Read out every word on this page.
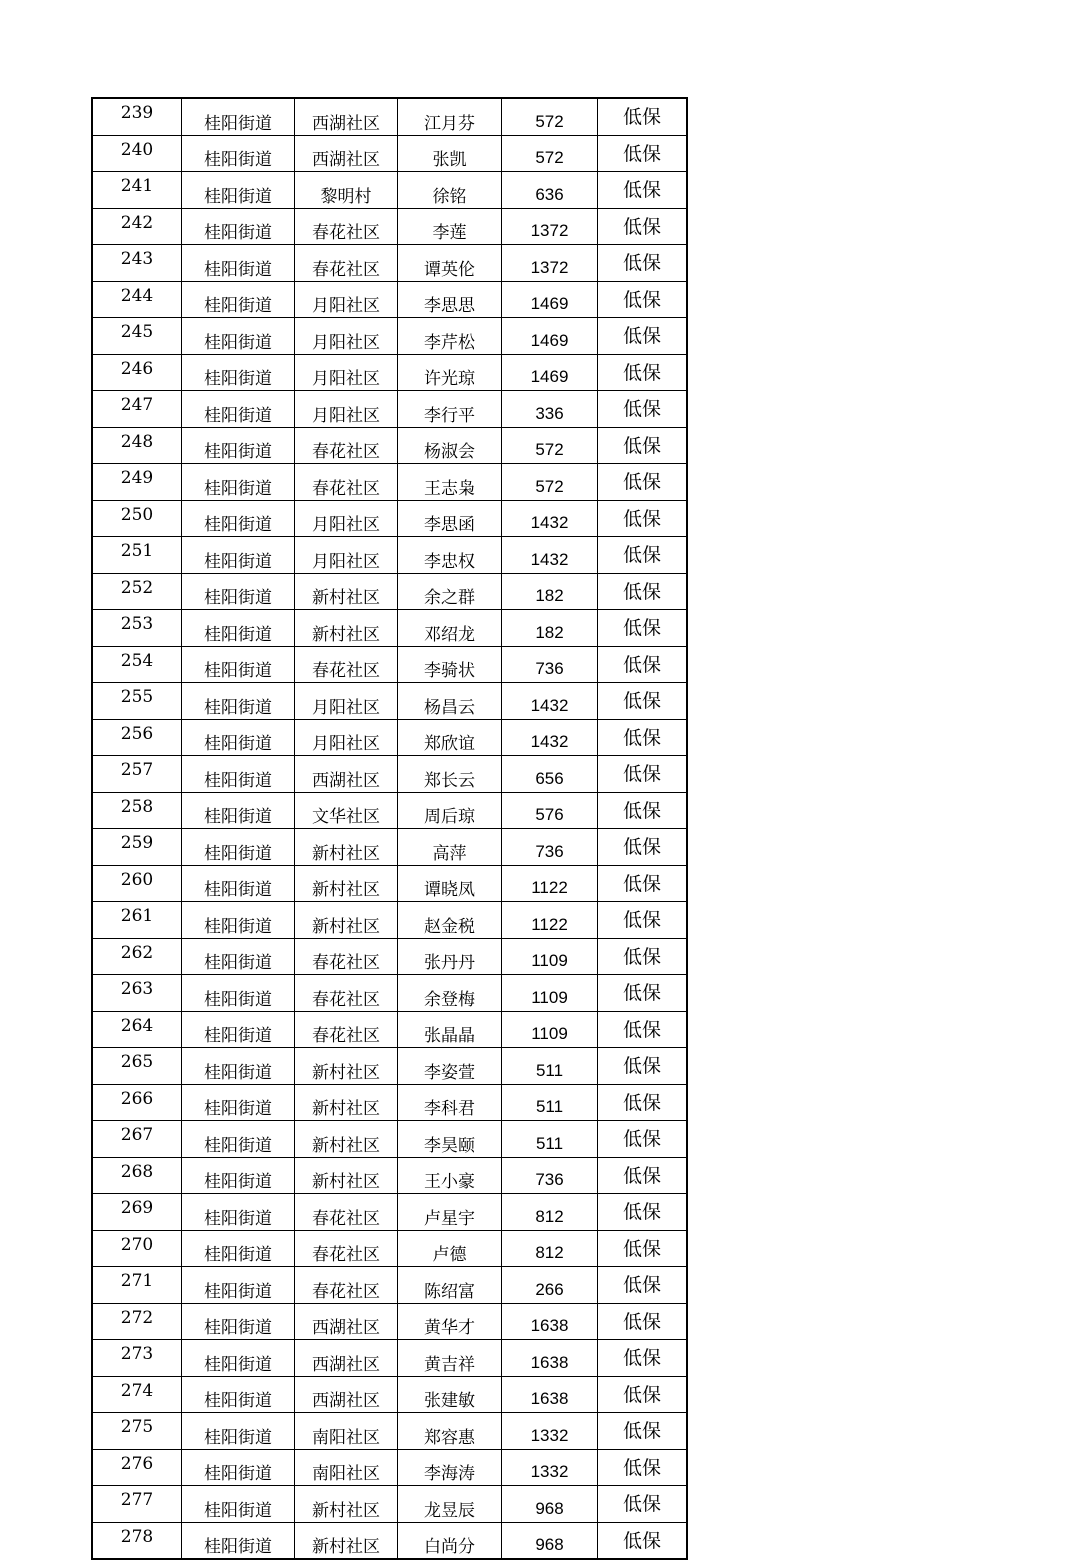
239	桂阳街道	西湖社区	江月芬	572	低保
240	桂阳街道	西湖社区	张凯	572	低保
241	桂阳街道	黎明村	徐铭	636	低保
242	桂阳街道	春花社区	李莲	1372	低保
243	桂阳街道	春花社区	谭英伦	1372	低保
244	桂阳街道	月阳社区	李思思	1469	低保
245	桂阳街道	月阳社区	李芹松	1469	低保
246	桂阳街道	月阳社区	许光琼	1469	低保
247	桂阳街道	月阳社区	李行平	336	低保
248	桂阳街道	春花社区	杨淑会	572	低保
249	桂阳街道	春花社区	王志枭	572	低保
250	桂阳街道	月阳社区	李思函	1432	低保
251	桂阳街道	月阳社区	李忠权	1432	低保
252	桂阳街道	新村社区	余之群	182	低保
253	桂阳街道	新村社区	邓绍龙	182	低保
254	桂阳街道	春花社区	李骑状	736	低保
255	桂阳街道	月阳社区	杨昌云	1432	低保
256	桂阳街道	月阳社区	郑欣谊	1432	低保
257	桂阳街道	西湖社区	郑长云	656	低保
258	桂阳街道	文华社区	周后琼	576	低保
259	桂阳街道	新村社区	高萍	736	低保
260	桂阳街道	新村社区	谭晓凤	1122	低保
261	桂阳街道	新村社区	赵金税	1122	低保
262	桂阳街道	春花社区	张丹丹	1109	低保
263	桂阳街道	春花社区	余登梅	1109	低保
264	桂阳街道	春花社区	张晶晶	1109	低保
265	桂阳街道	新村社区	李姿萱	511	低保
266	桂阳街道	新村社区	李科君	511	低保
267	桂阳街道	新村社区	李昊颐	511	低保
268	桂阳街道	新村社区	王小豪	736	低保
269	桂阳街道	春花社区	卢星宇	812	低保
270	桂阳街道	春花社区	卢德	812	低保
271	桂阳街道	春花社区	陈绍富	266	低保
272	桂阳街道	西湖社区	黄华才	1638	低保
273	桂阳街道	西湖社区	黄吉祥	1638	低保
274	桂阳街道	西湖社区	张建敏	1638	低保
275	桂阳街道	南阳社区	郑容惠	1332	低保
276	桂阳街道	南阳社区	李海涛	1332	低保
277	桂阳街道	新村社区	龙昱辰	968	低保
278	桂阳街道	新村社区	白尚分	968	低保
